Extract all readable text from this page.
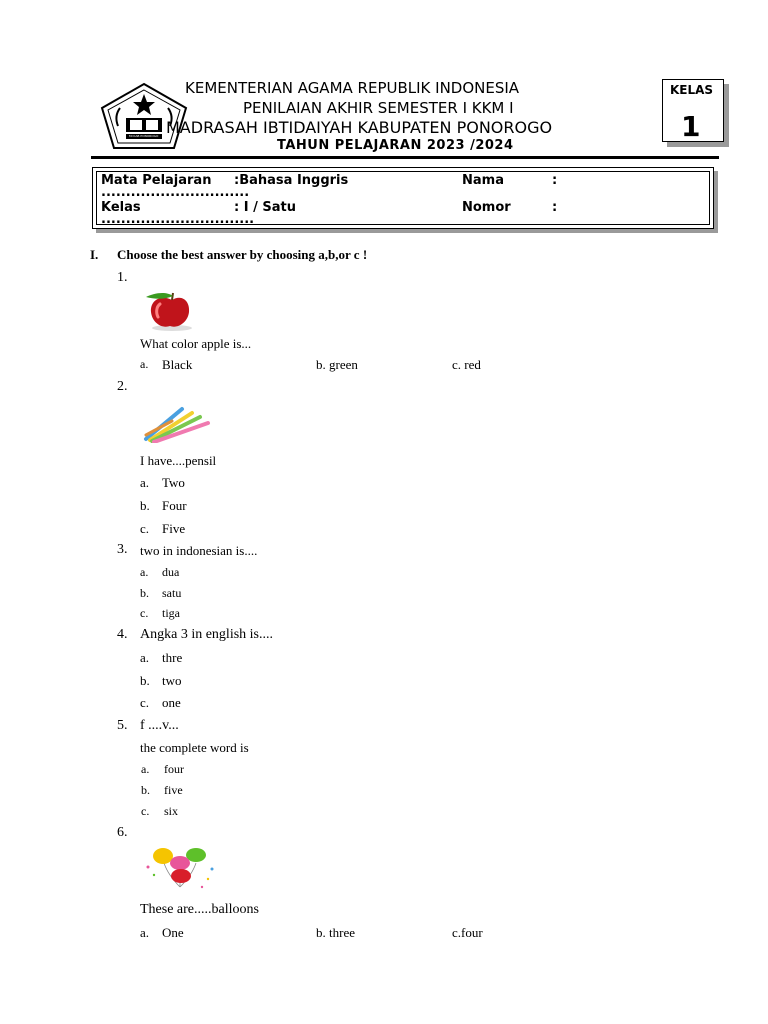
MI KAB PONOROGO
KEMENTERIAN AGAMA REPUBLIK INDONESIA
PENILAIAN AKHIR SEMESTER I KKM I
MADRASAH IBTIDAIYAH KABUPATEN PONOROGO
TAHUN PELAJARAN 2023 /2024
KELAS
1
Mata Pelajaran :Bahasa Inggris	Nama	:
..............................
Kelas	: I / Satu	Nomor	:
...............................
I. Choose the best answer by choosing a,b,or c !
1.
What color apple is...
a. Black	b. green	c. red
2.
I have....pensil
a. Two
b. Four
c. Five
3. two in indonesian is....
a. dua
b. satu
c. tiga
4. Angka 3 in english is....
a. thre
b. two
c. one
5. f ....v...
the complete word is
a. four
b. five
c. six
6.
These are.....balloons
a. One	b. three	c.four
